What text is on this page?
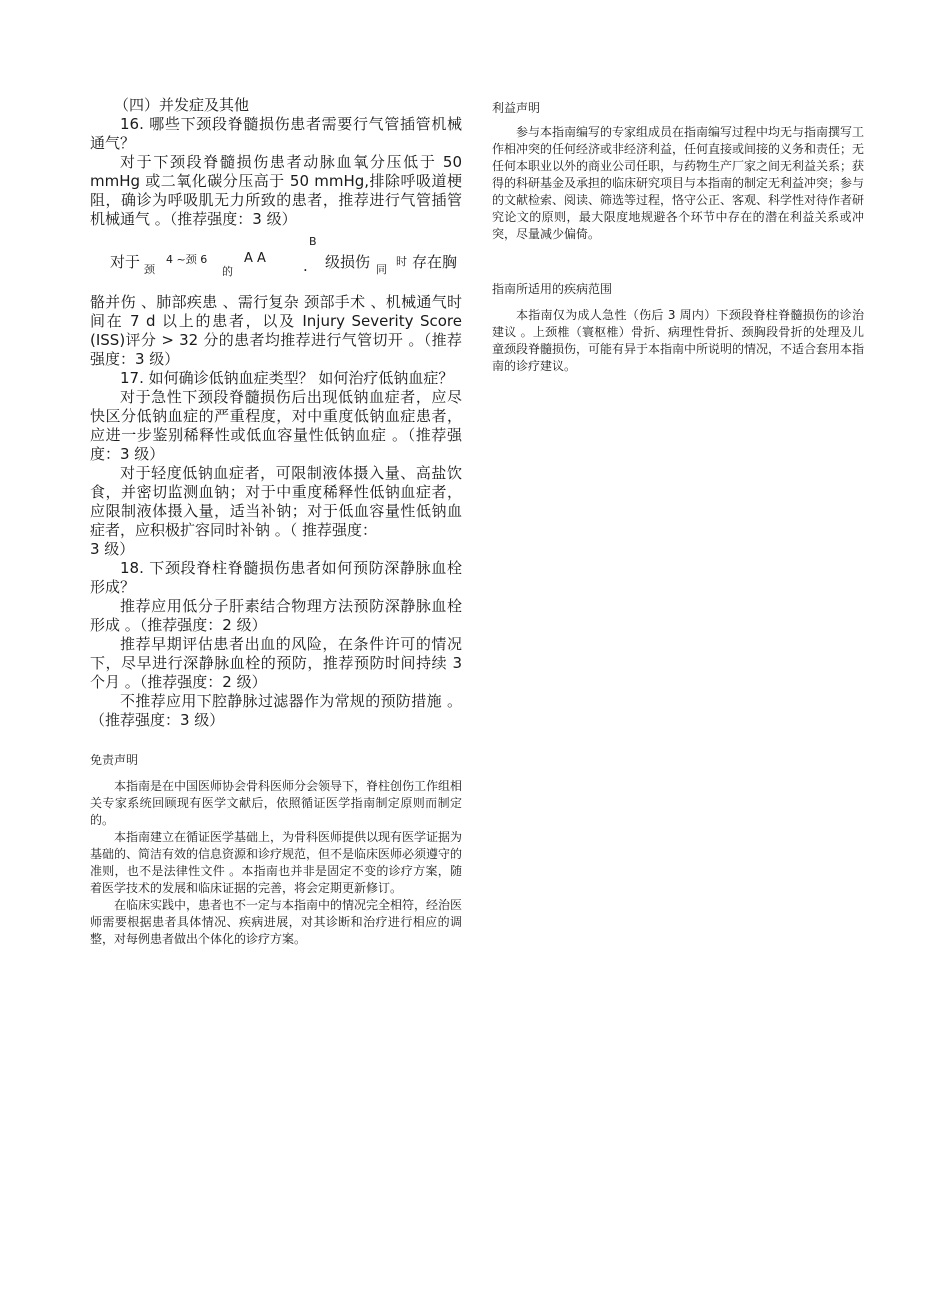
（四）并发症及其他

16. 哪些下颈段脊髓损伤患者需要行气管插管机械通气？

对于下颈段脊髓损伤患者动脉血氧分压低于 50 mmHg 或二氧化碳分压高于 50 mmHg,排除呼吸道梗阻，确诊为呼吸肌无力所致的患者，推荐进行气管插管机械通气 。（推荐强度：3 级）

对于 颈
4 ~颈 6
的
A A
B
级损伤 同
时 存在胸
.

骼并伤 、肺部疾患 、需行复杂 颈部手术 、机械通气时间在 7 d 以上的患者，以及 Injury Severity Score (ISS)评分 > 32 分的患者均推荐进行气管切开 。（推荐强度：3 级）

17. 如何确诊低钠血症类型？ 如何治疗低钠血症？

对于急性下颈段脊髓损伤后出现低钠血症者，应尽快区分低钠血症的严重程度，对中重度低钠血症患者，应进一步鉴别稀释性或低血容量性低钠血症 。（推荐强度：3 级）

对于轻度低钠血症者，可限制液体摄入量、高盐饮食，并密切监测血钠；对于中重度稀释性低钠血症者，应限制液体摄入量，适当补钠；对于低血容量性低钠血症者，应积极扩容同时补钠 。（ 推荐强度：

3 级）

18. 下颈段脊柱脊髓损伤患者如何预防深静脉血栓形成？

推荐应用低分子肝素结合物理方法预防深静脉血栓形成 。（推荐强度：2 级）

推荐早期评估患者出血的风险，在条件许可的情况下，尽早进行深静脉血栓的预防，推荐预防时间持续 3 个月 。（推荐强度：2 级）

不推荐应用下腔静脉过滤器作为常规的预防措施 。（推荐强度：3 级）

免责声明

本指南是在中国医师协会骨科医师分会领导下，脊柱创伤工作组相关专家系统回顾现有医学文献后，依照循证医学指南制定原则而制定的。

本指南建立在循证医学基础上，为骨科医师提供以现有医学证据为基础的、简洁有效的信息资源和诊疗规范，但不是临床医师必须遵守的准则，也不是法律性文件 。本指南也并非是固定不变的诊疗方案，随着医学技术的发展和临床证据的完善，将会定期更新修订。

在临床实践中，患者也不一定与本指南中的情况完全相符，经治医师需要根据患者具体情况、疾病进展，对其诊断和治疗进行相应的调整，对每例患者做出个体化的诊疗方案。

利益声明

参与本指南编写的专家组成员在指南编写过程中均无与指南撰写工作相冲突的任何经济或非经济利益，任何直接或间接的义务和责任；无任何本职业以外的商业公司任职，与药物生产厂家之间无利益关系；获得的科研基金及承担的临床研究项目与本指南的制定无利益冲突；参与的文献检索、阅读、筛选等过程，恪守公正、客观、科学性对待作者研究论文的原则，最大限度地规避各个环节中存在的潜在利益关系或冲突，尽量减少偏倚。

指南所适用的疾病范围

本指南仅为成人急性（伤后 3 周内）下颈段脊柱脊髓损伤的诊治建议 。上颈椎（寰枢椎）骨折、病理性骨折、颈胸段骨折的处理及儿童颈段脊髓损伤，可能有异于本指南中所说明的情况，不适合套用本指南的诊疗建议。
